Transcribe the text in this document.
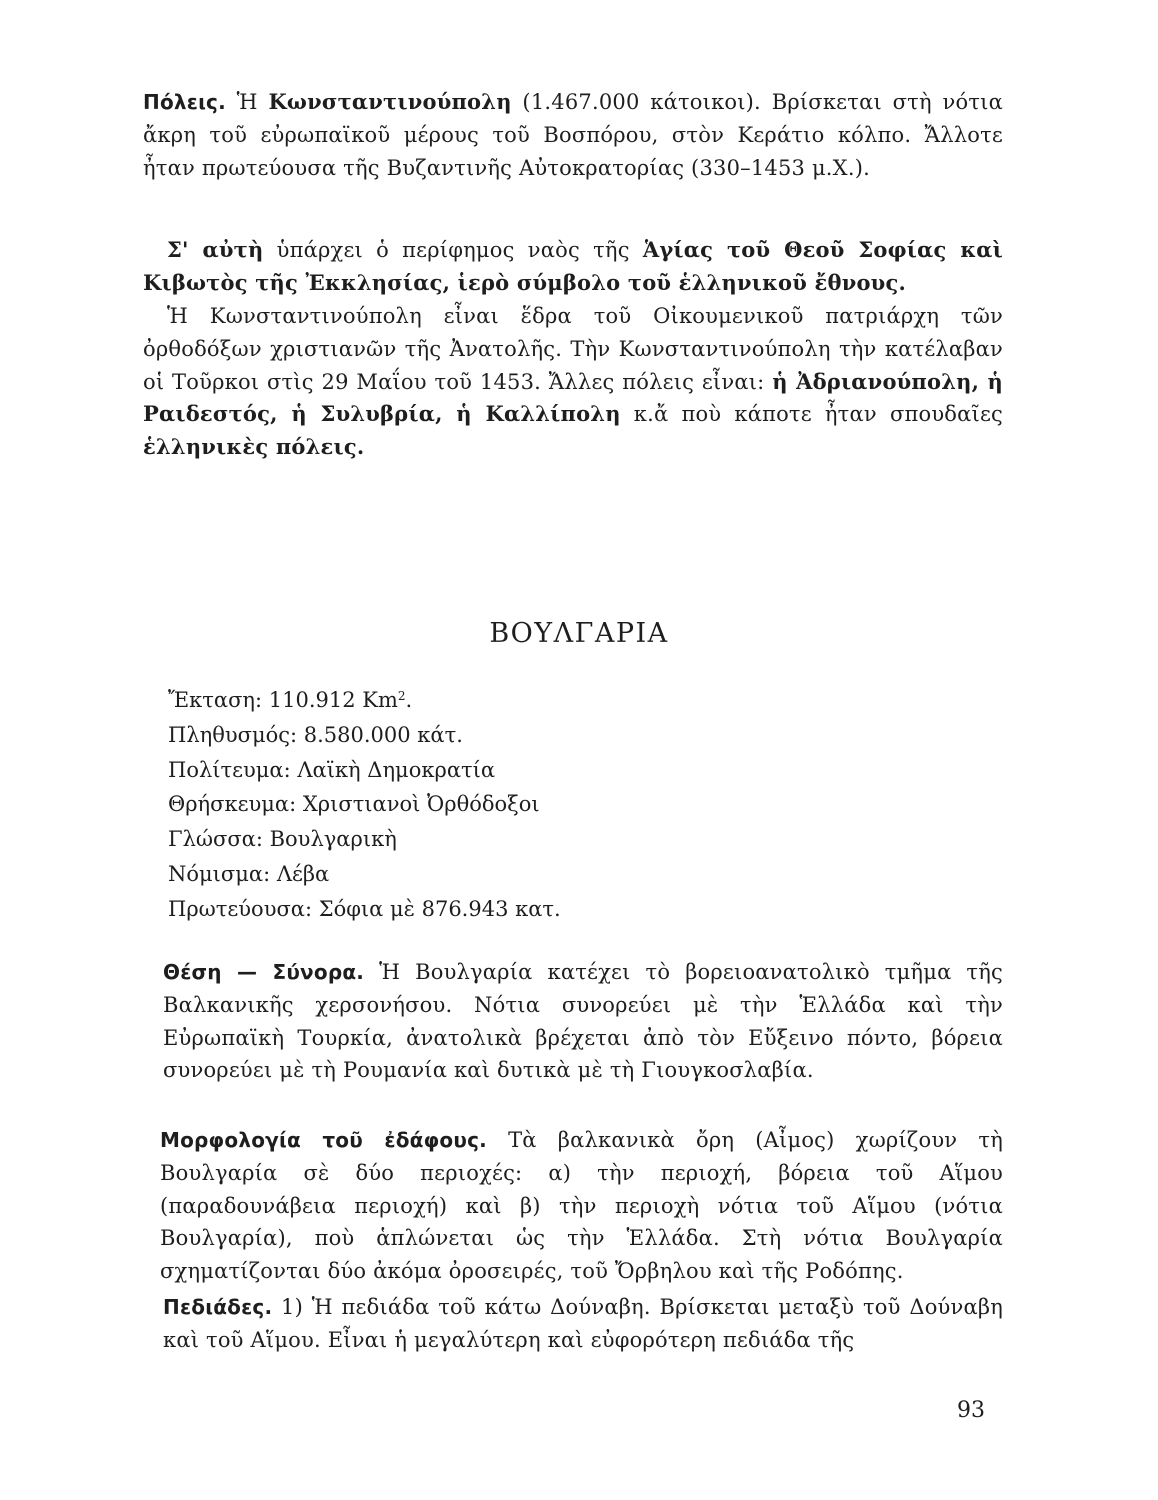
Πόλεις. Ἡ Κωνσταντινούπολη (1.467.000 κάτοικοι). Βρίσκεται στὴ νότια ἄκρη τοῦ εὐρωπαϊκοῦ μέρους τοῦ Βοσπόρου, στὸν Κεράτιο κόλπο. Ἄλλοτε ἦταν πρωτεύουσα τῆς Βυζαντινῆς Αὐτοκρατορίας (330–1453 μ.Χ.).

Σ' αὐτὴ ὑπάρχει ὁ περίφημος ναὸς τῆς Ἁγίας τοῦ Θεοῦ Σοφίας καὶ Κιβωτὸς τῆς Ἐκκλησίας, ἱερὸ σύμβολο τοῦ ἑλληνικοῦ ἔθνους.

Ἡ Κωνσταντινούπολη εἶναι ἕδρα τοῦ Οἰκουμενικοῦ πατριάρχη τῶν ὀρθοδόξων χριστιανῶν τῆς Ἀνατολῆς. Τὴν Κωνσταντινούπολη τὴν κατέλαβαν οἱ Τοῦρκοι στὶς 29 Μαΐου τοῦ 1453. Ἄλλες πόλεις εἶναι: ἡ Ἀδριανούπολη, ἡ Ραιδεστός, ἡ Συλυβρία, ἡ Καλλίπολη κ.ἄ ποὺ κάποτε ἦταν σπουδαῖες ἑλληνικὲς πόλεις.

ΒΟΥΛΓΑΡΙΑ
Ἔκταση: 110.912 Km$^2$.
Πληθυσμός: 8.580.000 κάτ.
Πολίτευμα: Λαϊκὴ Δημοκρατία
Θρήσκευμα: Χριστιανοὶ Ὀρθόδοξοι
Γλώσσα: Βουλγαρικὴ
Νόμισμα: Λέβα
Πρωτεύουσα: Σόφια μὲ 876.943 κατ.

Θέση — Σύνορα. Ἡ Βουλγαρία κατέχει τὸ βορειοανατολικὸ τμῆμα τῆς Βαλκανικῆς χερσονήσου. Νότια συνορεύει μὲ τὴν Ἑλλάδα καὶ τὴν Εὐρωπαϊκὴ Τουρκία, ἀνατολικὰ βρέχεται ἀπὸ τὸν Εὔξεινο πόντο, βόρεια συνορεύει μὲ τὴ Ρουμανία καὶ δυτικὰ μὲ τὴ Γιουγκοσλαβία.

Μορφολογία τοῦ ἐδάφους. Τὰ βαλκανικὰ ὄρη (Αἶμος) χωρίζουν τὴ Βουλγαρία σὲ δύο περιοχές: α) τὴν περιοχή, βόρεια τοῦ Αἵμου (παραδουνάβεια περιοχή) καὶ β) τὴν περιοχὴ νότια τοῦ Αἵμου (νότια Βουλγαρία), ποὺ ἁπλώνεται ὡς τὴν Ἑλλάδα. Στὴ νότια Βουλγαρία σχηματίζονται δύο ἀκόμα ὀροσειρές, τοῦ Ὄρβηλου καὶ τῆς Ροδόπης.

Πεδιάδες. 1) Ἡ πεδιάδα τοῦ κάτω Δούναβη. Βρίσκεται μεταξὺ τοῦ Δούναβη καὶ τοῦ Αἵμου. Εἶναι ἡ μεγαλύτερη καὶ εὐφορότερη πεδιάδα τῆς

93
